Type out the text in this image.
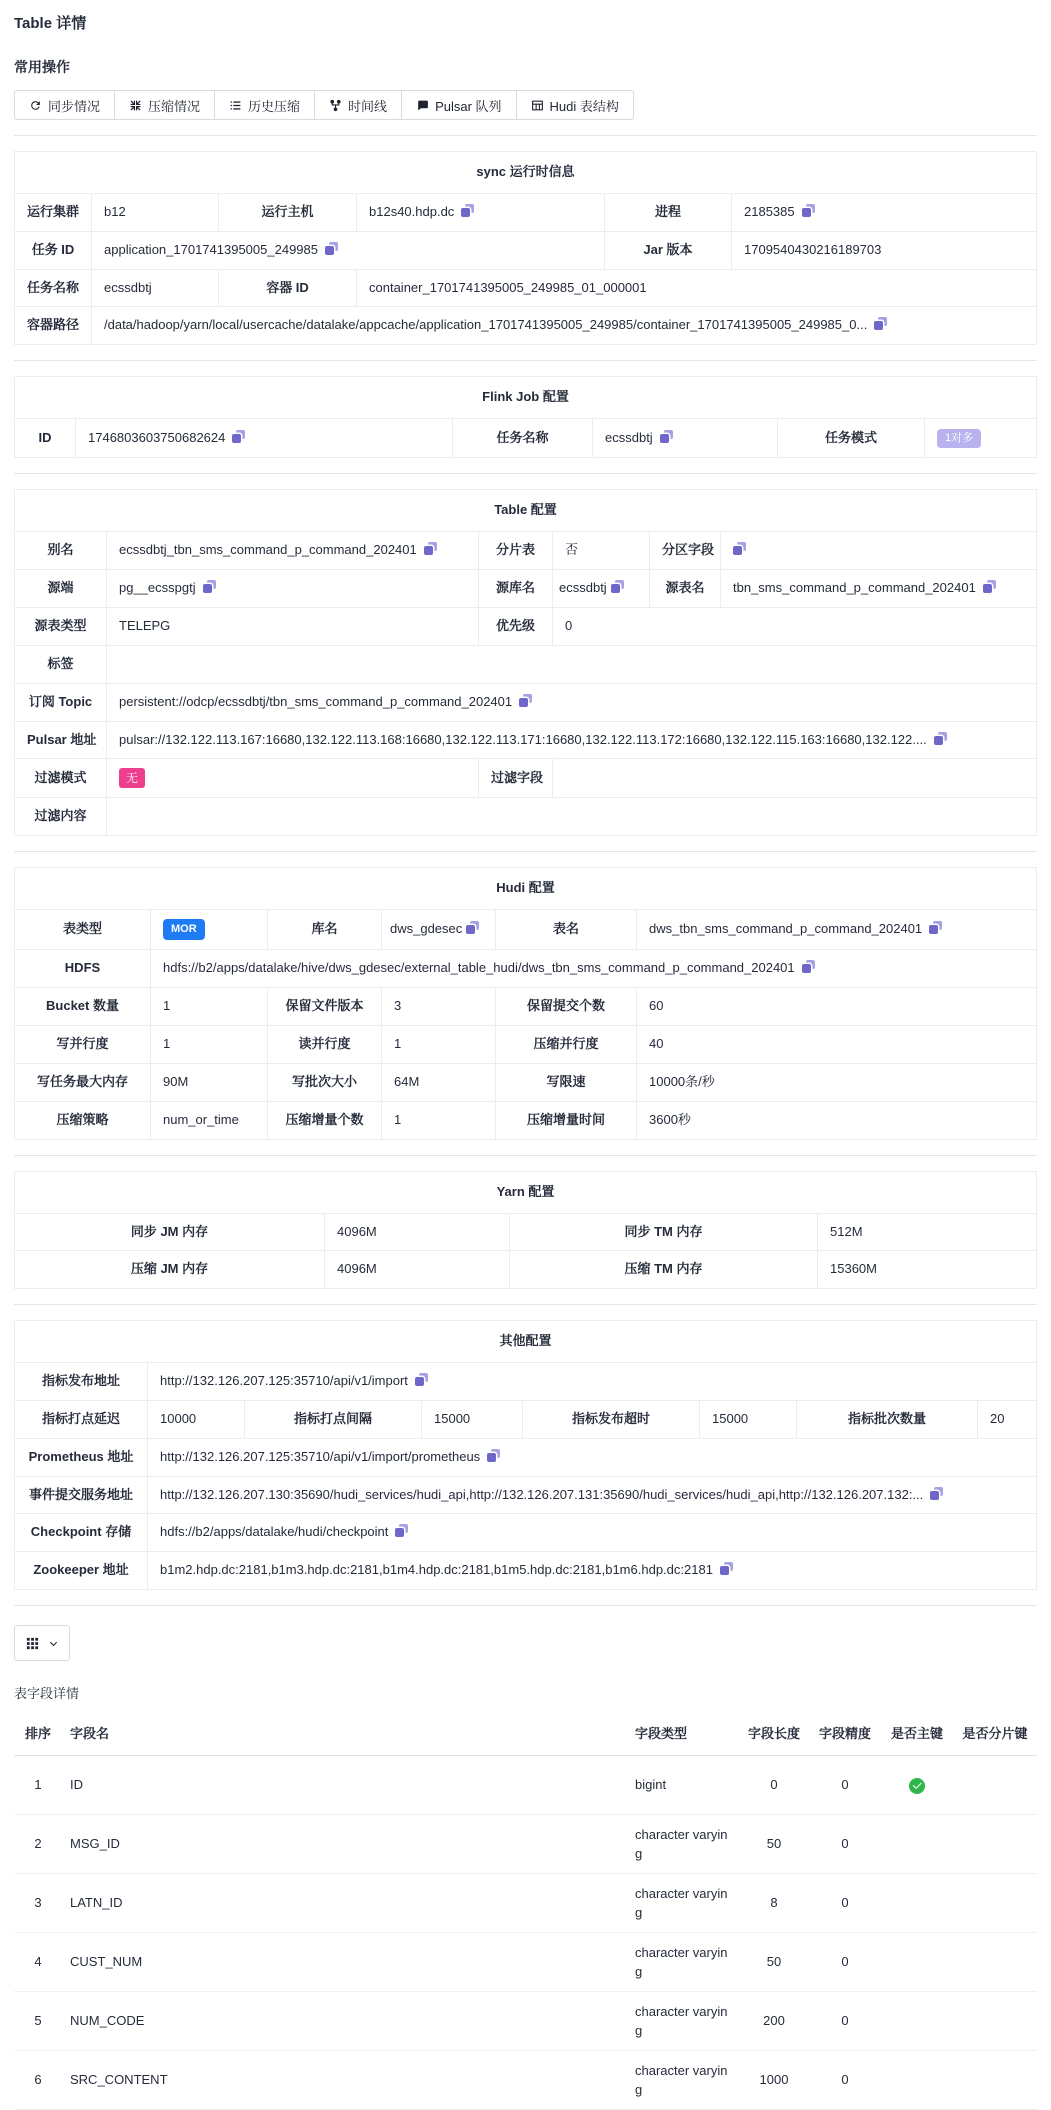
Table 详情
常用操作
同步情况	压缩情况	历史压缩	时间线	Pulsar 队列	Hudi 表结构
sync 运行时信息					
运行集群	b12	运行主机	b12s40.hdp.dc	进程	2185385
任务 ID	application_1701741395005_249985			Jar 版本	1709540430216189703
任务名称	ecssdbtj	容器 ID	container_1701741395005_249985_01_000001		
容器路径	/data/hadoop/yarn/local/usercache/datalake/appcache/application_1701741395005_249985/container_1701741395005_249985_0...				
Flink Job 配置
ID	1746803603750682624	任务名称	ecssdbtj	任务模式	1对多
Table 配置					
别名	ecssdbtj_tbn_sms_command_p_command_202401	分片表	否	分区字段	
源端	pg__ecsspgtj	源库名	ecssdbtj	源表名	tbn_sms_command_p_command_202401
源表类型	TELEPG	优先级	0		
标签					
订阅 Topic	persistent://odcp/ecssdbtj/tbn_sms_command_p_command_202401				
Pulsar 地址	pulsar://132.122.113.167:16680,132.122.113.168:16680,132.122.113.171:16680,132.122.113.172:16680,132.122.115.163:16680,132.122....				
过滤模式	无	过滤字段			
过滤内容					
Hudi 配置					
表类型	MOR	库名	dws_gdesec	表名	dws_tbn_sms_command_p_command_202401
HDFS	hdfs://b2/apps/datalake/hive/dws_gdesec/external_table_hudi/dws_tbn_sms_command_p_command_202401				
Bucket 数量	1	保留文件版本	3	保留提交个数	60
写并行度	1	读并行度	1	压缩并行度	40
写任务最大内存	90M	写批次大小	64M	写限速	10000条/秒
压缩策略	num_or_time	压缩增量个数	1	压缩增量时间	3600秒
Yarn 配置			
同步 JM 内存	4096M	同步 TM 内存	512M
压缩 JM 内存	4096M	压缩 TM 内存	15360M
其他配置							
指标发布地址	http://132.126.207.125:35710/api/v1/import						
指标打点延迟	10000	指标打点间隔	15000	指标发布超时	15000	指标批次数量	20
Prometheus 地址	http://132.126.207.125:35710/api/v1/import/prometheus						
事件提交服务地址	http://132.126.207.130:35690/hudi_services/hudi_api,http://132.126.207.131:35690/hudi_services/hudi_api,http://132.126.207.132:...						
Checkpoint 存储	hdfs://b2/apps/datalake/hudi/checkpoint						
Zookeeper 地址	b1m2.hdp.dc:2181,b1m3.hdp.dc:2181,b1m4.hdp.dc:2181,b1m5.hdp.dc:2181,b1m6.hdp.dc:2181						
表字段详情
排序	字段名	字段类型	字段长度	字段精度	是否主键	是否分片键
1	ID	bigint	0	0		
2	MSG_ID	character varying	50	0		
3	LATN_ID	character varying	8	0		
4	CUST_NUM	character varying	50	0		
5	NUM_CODE	character varying	200	0		
6	SRC_CONTENT	character varying	1000	0		
